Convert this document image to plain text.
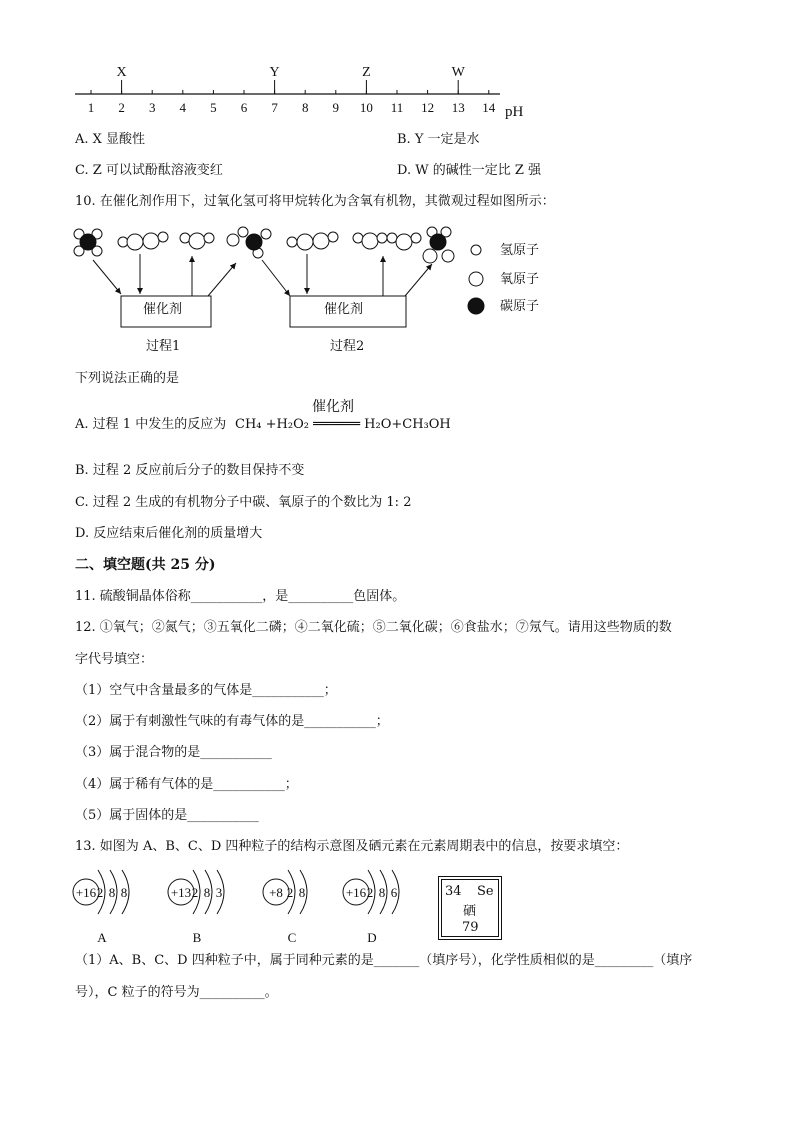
pH
1 2 3 4 5 6 7 8 9 10 11 12 13 14
X	Y	Z	W
A. X 显酸性	B. Y 一定是水
C. Z 可以试酚酞溶液变红	D. W 的碱性一定比 Z 强
10. 在催化剂作用下，过氧化氢可将甲烷转化为含氧有机物，其微观过程如图所示：
催化剂	催化剂
过程1	过程2
氢原子
氧原子
碳原子
下列说法正确的是
A. 过程 1 中发生的反应为
催化剂
CH₄ +H₂O₂ ══════ H₂O+CH₃OH
B. 过程 2 反应前后分子的数目保持不变
C. 过程 2 生成的有机物分子中碳、氧原子的个数比为 1: 2
D. 反应结束后催化剂的质量增大
二、填空题(共 25 分)
11. 硫酸铜晶体俗称___________，是__________色固体。
12. ①氧气；②氮气；③五氧化二磷；④二氧化硫；⑤二氧化碳；⑥食盐水；⑦氖气。请用这些物质的数
字代号填空：
（1）空气中含量最多的气体是___________；
（2）属于有刺激性气味的有毒气体的是___________；
（3）属于混合物的是___________
（4）属于稀有气体的是___________；
（5）属于固体的是___________
13. 如图为 A、B、C、D 四种粒子的结构示意图及硒元素在元素周期表中的信息，按要求填空：
+16 2 8 8
A
+13 2 8 3
B
+8 2 8
C
+16 2 8 6
D
34 Se
硒
79
（1）A、B、C、D 四种粒子中，属于同种元素的是_______（填序号），化学性质相似的是_________（填序
号），C 粒子的符号为__________。
